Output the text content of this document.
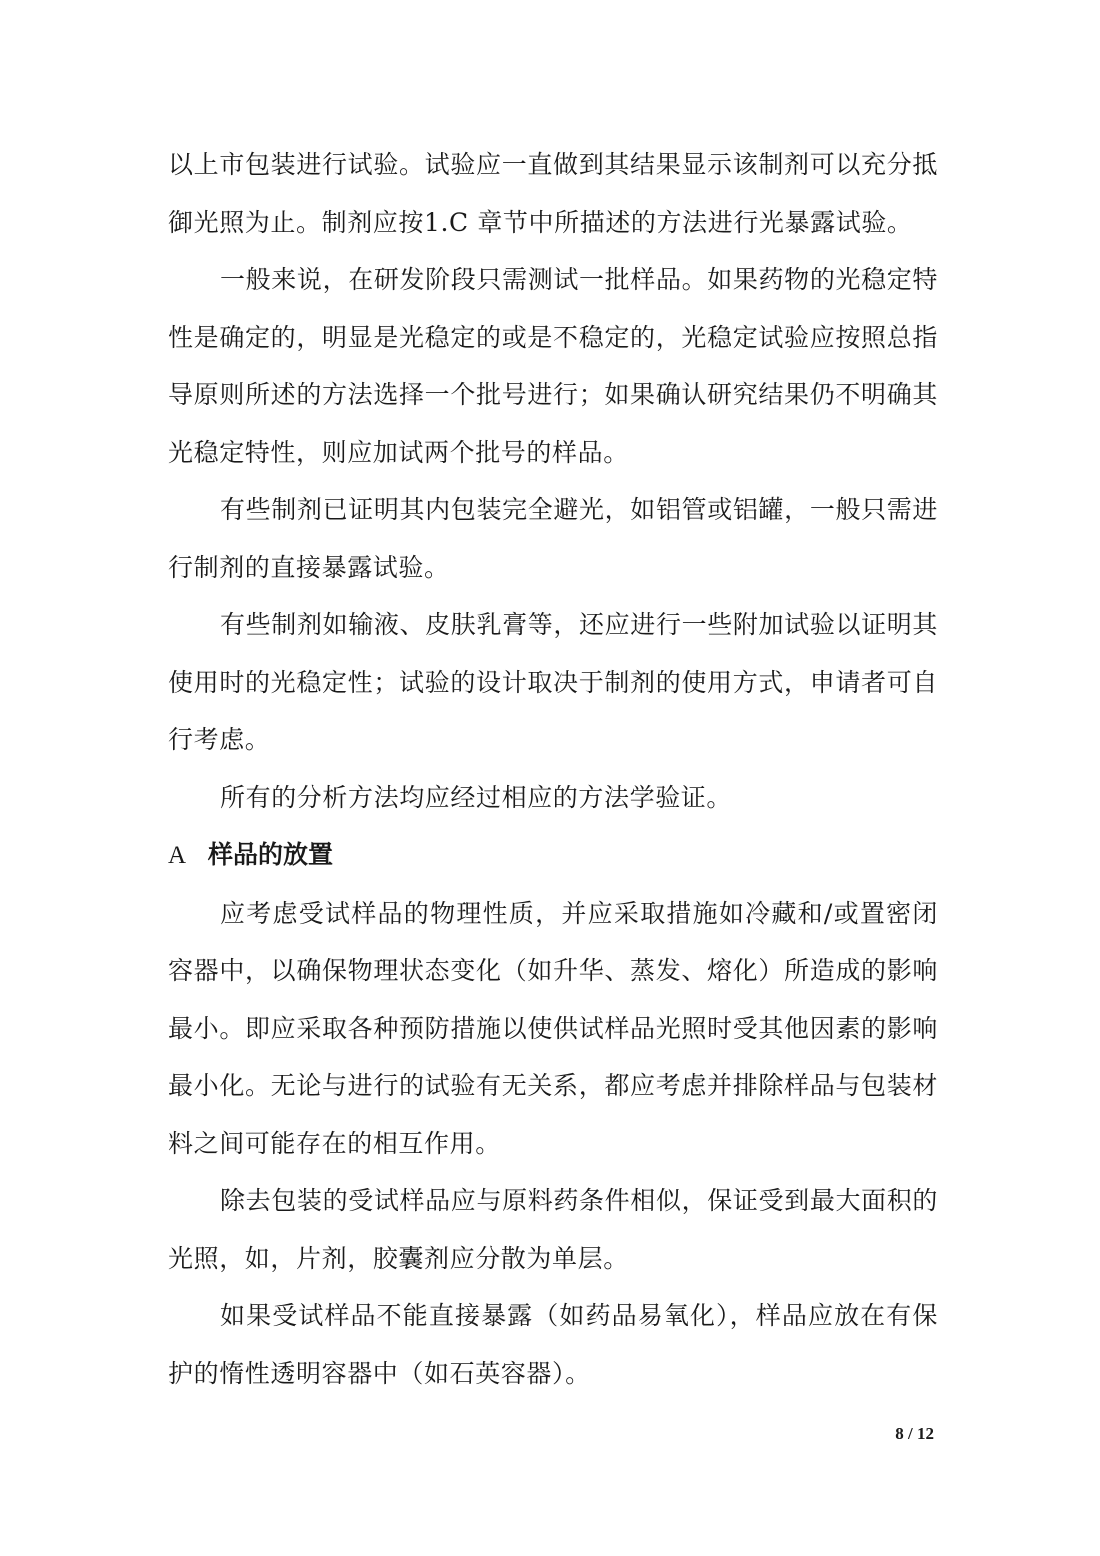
以上市包装进行试验。试验应一直做到其结果显示该制剂可以充分抵御光照为止。制剂应按1.C 章节中所描述的方法进行光暴露试验。

一般来说，在研发阶段只需测试一批样品。如果药物的光稳定特性是确定的，明显是光稳定的或是不稳定的，光稳定试验应按照总指导原则所述的方法选择一个批号进行；如果确认研究结果仍不明确其光稳定特性，则应加试两个批号的样品。

有些制剂已证明其内包装完全避光，如铝管或铝罐，一般只需进行制剂的直接暴露试验。

有些制剂如输液、皮肤乳膏等，还应进行一些附加试验以证明其使用时的光稳定性；试验的设计取决于制剂的使用方式，申请者可自行考虑。

所有的分析方法均应经过相应的方法学验证。

A 样品的放置

应考虑受试样品的物理性质，并应采取措施如冷藏和/或置密闭容器中，以确保物理状态变化（如升华、蒸发、熔化）所造成的影响最小。即应采取各种预防措施以使供试样品光照时受其他因素的影响最小化。无论与进行的试验有无关系，都应考虑并排除样品与包装材料之间可能存在的相互作用。

除去包装的受试样品应与原料药条件相似，保证受到最大面积的光照，如，片剂，胶囊剂应分散为单层。

如果受试样品不能直接暴露（如药品易氧化），样品应放在有保护的惰性透明容器中（如石英容器）。

8 / 12
